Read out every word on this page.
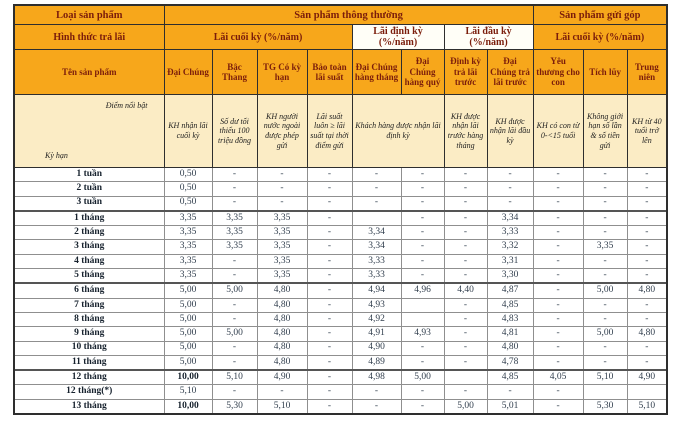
Loại sản phẩm	Sản phẩm thông thường								Sản phẩm gửi góp		
Hình thức trả lãi	Lãi cuối kỳ (%/năm)				Lãi định kỳ (%/năm)		Lãi đầu kỳ (%/năm)		Lãi cuối kỳ (%/năm)		
Tên sản phẩm	Đại Chúng	Bậc Thang	TG Có kỳ hạn	Bảo toàn lãi suất	Đại Chúng hàng tháng	Đại Chúng hàng quý	Định kỳ trả lãi trước	Đại Chúng trả lãi trước	Yêu thương cho con	Tích lũy	Trung niên

Điểm nổi bật
Kỳ hạn	KH nhận lãi cuối kỳ	Số dư tối thiểu 100 triệu đồng	KH người nước ngoài được phép gửi	Lãi suất luôn ≥ lãi suất tại thời điểm gửi	Khách hàng được nhận lãi định kỳ		KH được nhận lãi trước hàng tháng	KH được nhận lãi đầu kỳ	KH có con từ 0-<15 tuổi	Không giới hạn số lần & số tiền gửi	KH từ 40 tuổi trở lên
1 tuần	0,50	-	-	-	-	-	-	-	-	-	-
2 tuần	0,50	-	-	-	-	-	-	-	-	-	-
3 tuần	0,50	-	-	-	-	-	-	-	-	-	-
1 tháng	3,35	3,35	3,35	-		-	-	3,34	-	-	-
2 tháng	3,35	3,35	3,35	-	3,34	-	-	3,33	-	-	-
3 tháng	3,35	3,35	3,35	-	3,34	-	-	3,32	-	3,35	-
4 tháng	3,35	-	3,35	-	3,33	-	-	3,31	-	-	-
5 tháng	3,35	-	3,35	-	3,33	-	-	3,30	-	-	-
6 tháng	5,00	5,00	4,80	-	4,94	4,96	4,40	4,87	-	5,00	4,80
7 tháng	5,00	-	4,80	-	4,93		-	4,85	-	-	-
8 tháng	5,00	-	4,80	-	4,92		-	4,83	-	-	-
9 tháng	5,00	5,00	4,80	-	4,91	4,93	-	4,81	-	5,00	4,80
10 tháng	5,00	-	4,80	-	4,90	-	-	4,80	-	-	-
11 tháng	5,00	-	4,80	-	4,89	-	-	4,78	-	-	-
12 tháng	10,00	5,10	4,90	-	4,98	5,00		4,85	4,05	5,10	4,90
12 tháng(*)	5,10	-	-	-	-	-	-	-	-		
13 tháng	10,00	5,30	5,10	-	-	-	5,00	5,01	-	5,30	5,10
